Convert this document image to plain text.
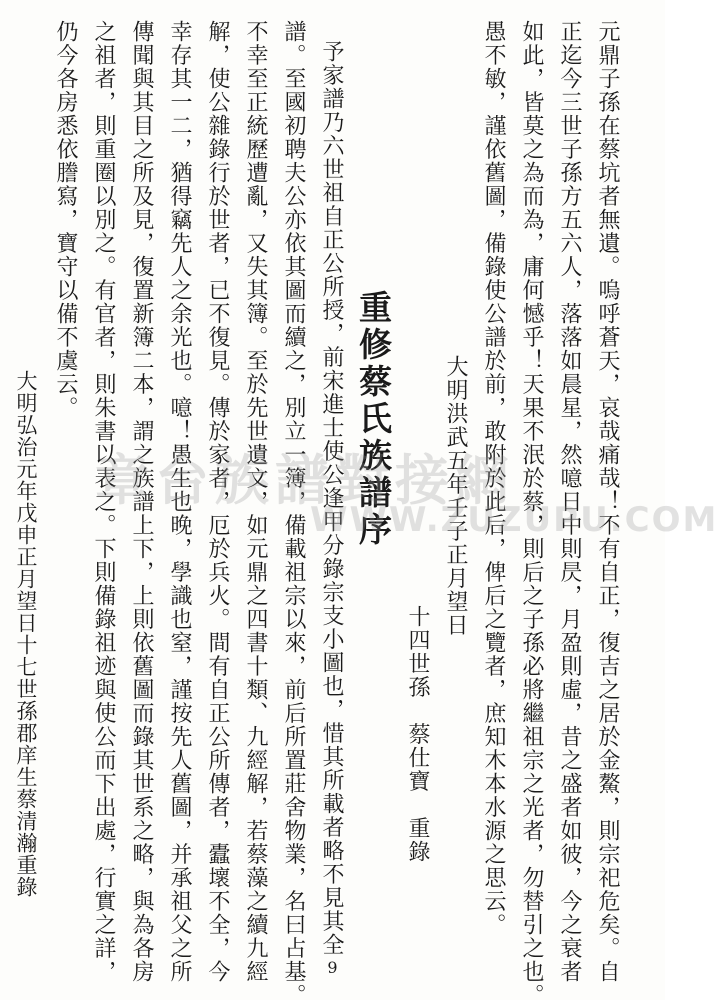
元鼎子孫在蔡坑者無遺。嗚呼蒼天，哀哉痛哉！不有自正，復吉之居於金鰲，則宗祀危矣。自
正迄今三世子孫方五六人，落落如晨星，然噫日中則昃，月盈則虛，昔之盛者如彼，今之衰者
如此，皆莫之為而為，庸何憾乎！天果不泯於蔡，則后之子孫必將繼祖宗之光者，勿替引之也。
愚不敏，謹依舊圖，備錄使公譜於前，敢附於此后，俾后之覽者，庶知木本水源之思云。
大明洪武五年壬子正月望日
十四世孫　蔡仕寶　重錄
重修蔡氏族譜序
予家譜乃六世祖自正公所授，前宋進士使公逢甲分錄宗支小圖也，惜其所載者略不見其全
譜。至國初聘夫公亦依其圖而續之，別立一簿，備載祖宗以來，前后所置莊舍物業，名曰占基。
不幸至正統歷遭亂，又失其簿。至於先世遺文，如元鼎之四書十類、九經解，若蔡藻之續九經
解，使公雜錄行於世者，已不復見。傳於家者，厄於兵火。間有自正公所傳者，蠹壞不全，今
幸存其一二，猶得竊先人之余光也。噫！愚生也晚，學識也窒，謹按先人舊圖，并承祖父之所
傳聞與其目之所及見，復置新簿二本，謂之族譜上下，上則依舊圖而錄其世系之略，與為各房
之祖者，則重圈以別之。有官者，則朱書以表之。下則備錄祖迹與使公而下出處，行實之詳，
仍今各房悉依謄寫，寶守以備不虞云。
大明弘治元年戊申正月望日十七世孫郡庠生蔡清瀚重錄 章台族譜對接網
WWW.ZUZUPU.COM
9
